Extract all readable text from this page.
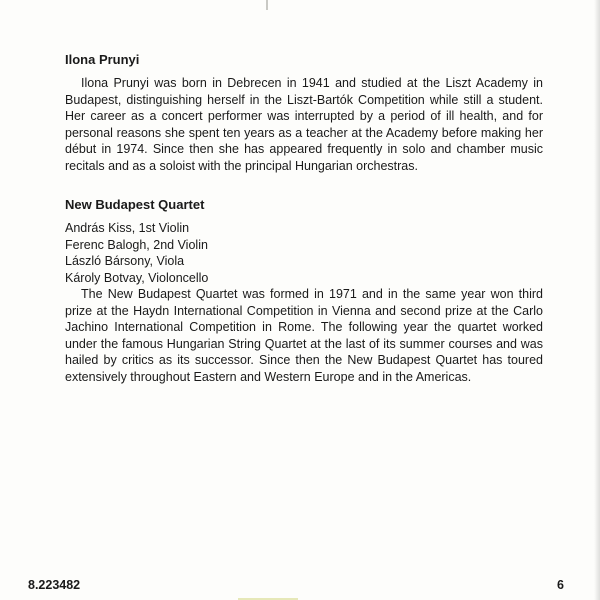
Ilona Prunyi

Ilona Prunyi was born in Debrecen in 1941 and studied at the Liszt Academy in Budapest, distinguishing herself in the Liszt-Bartók Competition while still a student. Her career as a concert performer was interrupted by a period of ill health, and for personal reasons she spent ten years as a teacher at the Academy before making her début in 1974. Since then she has appeared frequently in solo and chamber music recitals and as a soloist with the principal Hungarian orchestras.

New Budapest Quartet
András Kiss, 1st Violin
Ferenc Balogh, 2nd Violin
László Bársony, Viola
Károly Botvay, Violoncello

The New Budapest Quartet was formed in 1971 and in the same year won third prize at the Haydn International Competition in Vienna and second prize at the Carlo Jachino International Competition in Rome. The following year the quartet worked under the famous Hungarian String Quartet at the last of its summer courses and was hailed by critics as its successor. Since then the New Budapest Quartet has toured extensively throughout Eastern and Western Europe and in the Americas.

8.223482	6
